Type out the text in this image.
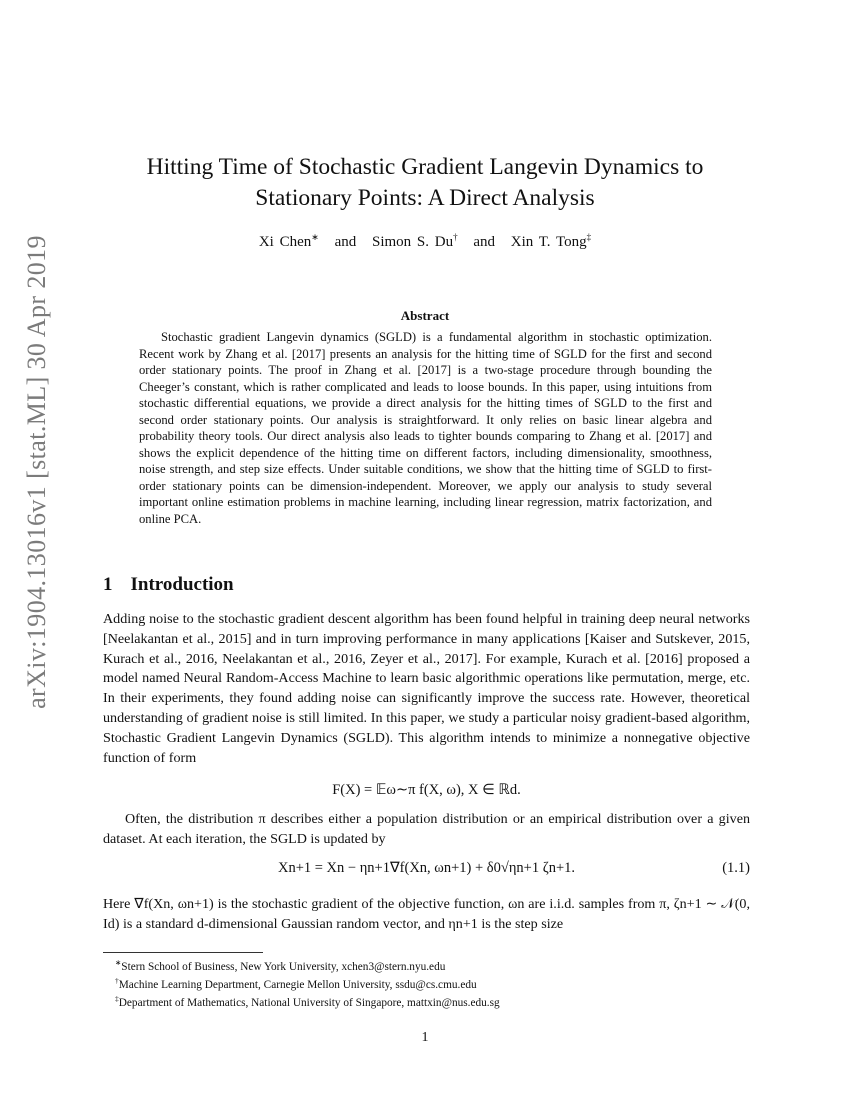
arXiv:1904.13016v1 [stat.ML] 30 Apr 2019
Hitting Time of Stochastic Gradient Langevin Dynamics to
Stationary Points: A Direct Analysis
Xi Chen∗ and Simon S. Du† and Xin T. Tong‡
Abstract
Stochastic gradient Langevin dynamics (SGLD) is a fundamental algorithm in stochastic optimization. Recent work by Zhang et al. [2017] presents an analysis for the hitting time of SGLD for the first and second order stationary points. The proof in Zhang et al. [2017] is a two-stage procedure through bounding the Cheeger’s constant, which is rather complicated and leads to loose bounds. In this paper, using intuitions from stochastic differential equations, we provide a direct analysis for the hitting times of SGLD to the first and second order stationary points. Our analysis is straightforward. It only relies on basic linear algebra and probability theory tools. Our direct analysis also leads to tighter bounds comparing to Zhang et al. [2017] and shows the explicit dependence of the hitting time on different factors, including dimensionality, smoothness, noise strength, and step size effects. Under suitable conditions, we show that the hitting time of SGLD to first-order stationary points can be dimension-independent. Moreover, we apply our analysis to study several important online estimation problems in machine learning, including linear regression, matrix factorization, and online PCA.
1 Introduction
Adding noise to the stochastic gradient descent algorithm has been found helpful in training deep neural networks [Neelakantan et al., 2015] and in turn improving performance in many applications [Kaiser and Sutskever, 2015, Kurach et al., 2016, Neelakantan et al., 2016, Zeyer et al., 2017]. For example, Kurach et al. [2016] proposed a model named Neural Random-Access Machine to learn basic algorithmic operations like permutation, merge, etc. In their experiments, they found adding noise can significantly improve the success rate. However, theoretical understanding of gradient noise is still limited. In this paper, we study a particular noisy gradient-based algorithm, Stochastic Gradient Langevin Dynamics (SGLD). This algorithm intends to minimize a nonnegative objective function of form
F(X) = 𝔼ω∼π f(X, ω), X ∈ ℝd.
Often, the distribution π describes either a population distribution or an empirical distribution over a given dataset. At each iteration, the SGLD is updated by
Xn+1 = Xn − ηn+1∇f(Xn, ωn+1) + δ0√ηn+1 ζn+1.	(1.1)
Here ∇f(Xn, ωn+1) is the stochastic gradient of the objective function, ωn are i.i.d. samples from π, ζn+1 ∼ 𝒩(0, Id) is a standard d-dimensional Gaussian random vector, and ηn+1 is the step size
∗Stern School of Business, New York University, xchen3@stern.nyu.edu
†Machine Learning Department, Carnegie Mellon University, ssdu@cs.cmu.edu
‡Department of Mathematics, National University of Singapore, mattxin@nus.edu.sg
1
